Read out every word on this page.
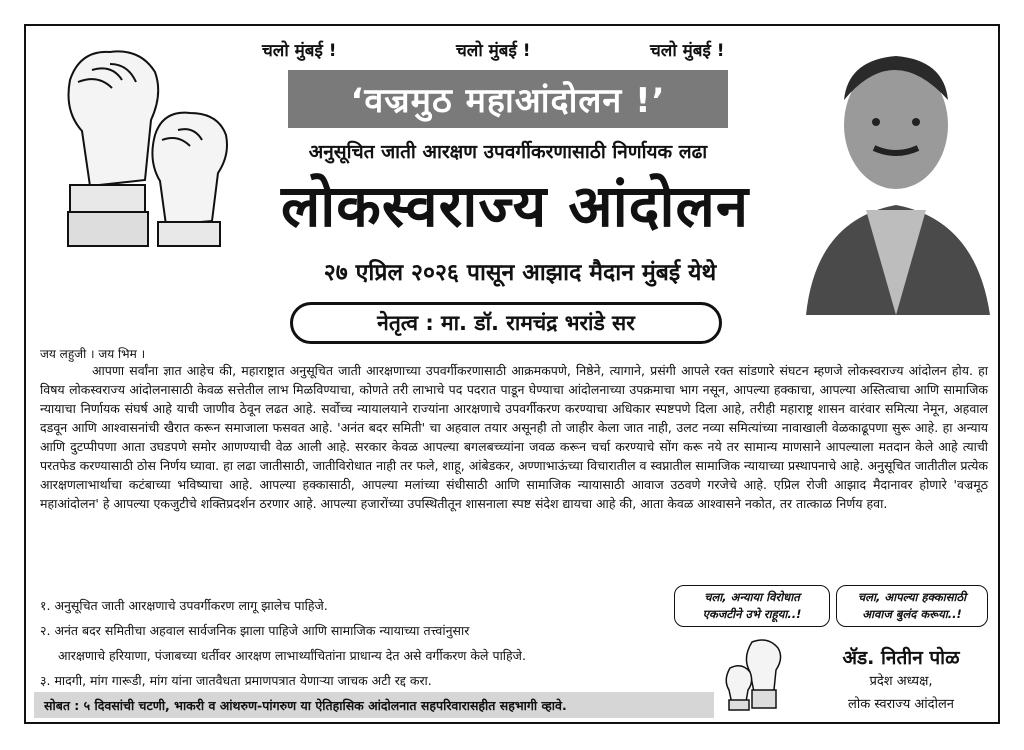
चलो मुंबई !	चलो मुंबई !	चलो मुंबई !
‘वज्रमुठ महाआंदोलन !’
अनुसूचित जाती आरक्षण उपवर्गीकरणासाठी निर्णायक लढा
लोकस्वराज्य आंदोलन
२७ एप्रिल २०२६ पासून आझाद मैदान मुंबई येथे
नेतृत्व : मा. डॉ. रामचंद्र भरांडे सर
जय लहुजी । जय भिम ।

आपणा सर्वांना ज्ञात आहेच की, महाराष्ट्रात अनुसूचित जाती आरक्षणाच्या उपवर्गीकरणासाठी आक्रमकपणे, निष्ठेने, त्यागाने, प्रसंगी आपले रक्त सांडणारे संघटन म्हणजे लोकस्वराज्य आंदोलन होय. हा विषय लोकस्वराज्य आंदोलनासाठी केवळ सत्तेतील लाभ मिळविण्याचा, कोणते तरी लाभाचे पद पदरात पाडून घेण्याचा आंदोलनाच्या उपक्रमाचा भाग नसून, आपल्या हक्काचा, आपल्या अस्तित्वाचा आणि सामाजिक न्यायाचा निर्णायक संघर्ष आहे याची जाणीव ठेवून लढत आहे. सर्वोच्च न्यायालयाने राज्यांना आरक्षणाचे उपवर्गीकरण करण्याचा अधिकार स्पष्टपणे दिला आहे, तरीही महाराष्ट्र शासन वारंवार समित्या नेमून, अहवाल दडवून आणि आश्वासनांची खैरात करून समाजाला फसवत आहे. 'अनंत बदर समिती' चा अहवाल तयार असूनही तो जाहीर केला जात नाही, उलट नव्या समित्यांच्या नावाखाली वेळकाढूपणा सुरू आहे. हा अन्याय आणि दुटप्पीपणा आता उघडपणे समोर आणण्याची वेळ आली आहे. सरकार केवळ आपल्या बगलबच्च्यांना जवळ करून चर्चा करण्याचे सोंग करू नये तर सामान्य माणसाने आपल्याला मतदान केले आहे त्याची परतफेड करण्यासाठी ठोस निर्णय घ्यावा. हा लढा जातीसाठी, जातीविरोधात नाही तर फले, शाहू, आंबेडकर, अण्णाभाऊंच्या विचारातील व स्वप्नातील सामाजिक न्यायाच्या प्रस्थापनाचे आहे. अनुसूचित जातीतील प्रत्येक आरक्षणलाभार्थाचा कटंबाच्या भविष्याचा आहे. आपल्या हक्कासाठी, आपल्या मलांच्या संधीसाठी आणि सामाजिक न्यायासाठी आवाज उठवणे गरजेचे आहे. एप्रिल रोजी आझाद मैदानावर होणारे 'वज्रमूठ महाआंदोलन' हे आपल्या एकजुटीचे शक्तिप्रदर्शन ठरणार आहे. आपल्या हजारोंच्या उपस्थितीतून शासनाला स्पष्ट संदेश द्यायचा आहे की, आता केवळ आश्वासने नकोत, तर तात्काळ निर्णय हवा.

१. अनुसूचित जाती आरक्षणाचे उपवर्गीकरण लागू झालेच पाहिजे.
२. अनंत बदर समितीचा अहवाल सार्वजनिक झाला पाहिजे आणि सामाजिक न्यायाच्या तत्त्वांनुसार
आरक्षणाचे हरियाणा, पंजाबच्या धर्तीवर आरक्षण लाभार्थ्यांचितांना प्राधान्य देत असे वर्गीकरण केले पाहिजे.
३. मादगी, मांग गारूडी, मांग यांना जातवैधता प्रमाणपत्रात येणाऱ्या जाचक अटी रद्द करा.
चला, अन्याया विरोधात
एकजटीने उभे राहूया..!
चला, आपल्या हक्कासाठी
आवाज बुलंद करूया..!
ॲड. नितीन पोळ
प्रदेश अध्यक्ष,
लोक स्वराज्य आंदोलन
सोबत : ५ दिवसांची चटणी, भाकरी व आंथरुण-पांगरुण या ऐतिहासिक आंदोलनात सहपरिवारासहीत सहभागी व्हावे.
